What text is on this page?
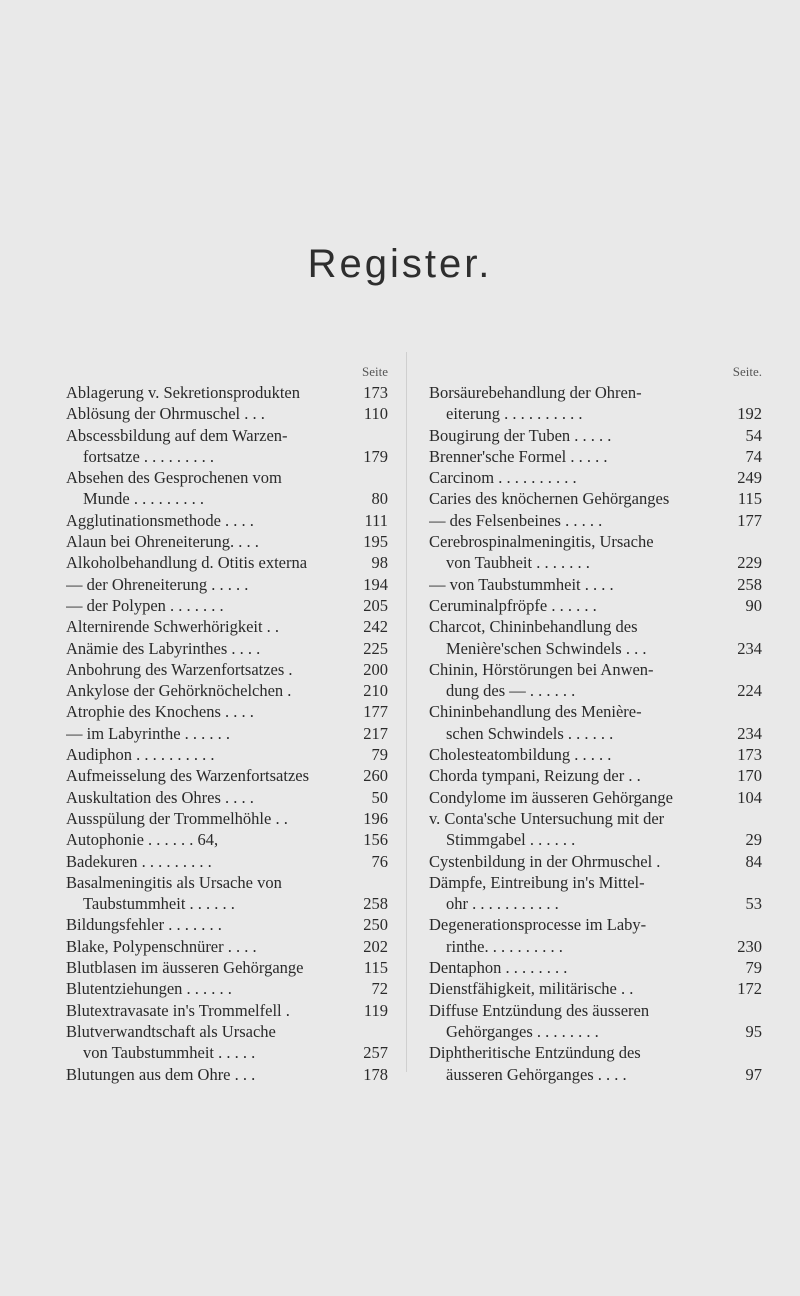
Register.
Seite
173
Ablagerung v. Sekretionsprodukten
110
Ablösung der Ohrmuschel . . .
Abscessbildung auf dem Warzen-
179
fortsatze . . . . . . . . .
Absehen des Gesprochenen vom
80
Munde . . . . . . . . .
111
Agglutinationsmethode . . . .
195
Alaun bei Ohreneiterung. . . .
98
Alkoholbehandlung d. Otitis externa
194
— der Ohreneiterung . . . . .
205
— der Polypen . . . . . . .
242
Alternirende Schwerhörigkeit . .
225
Anämie des Labyrinthes . . . .
200
Anbohrung des Warzenfortsatzes .
210
Ankylose der Gehörknöchelchen .
177
Atrophie des Knochens . . . .
217
— im Labyrinthe . . . . . .
79
Audiphon . . . . . . . . . .
260
Aufmeisselung des Warzenfortsatzes
50
Auskultation des Ohres . . . .
196
Ausspülung der Trommelhöhle . .
156
Autophonie . . . . . . 64,
76
Badekuren . . . . . . . . .
Basalmeningitis als Ursache von
258
Taubstummheit . . . . . .
250
Bildungsfehler . . . . . . .
202
Blake, Polypenschnürer . . . .
115
Blutblasen im äusseren Gehörgange
72
Blutentziehungen . . . . . .
119
Blutextravasate in's Trommelfell .
Blutverwandtschaft als Ursache
257
von Taubstummheit . . . . .
178
Blutungen aus dem Ohre . . .
Seite.
Borsäurebehandlung der Ohren-
192
eiterung . . . . . . . . . .
54
Bougirung der Tuben . . . . .
74
Brenner'sche Formel . . . . .
249
Carcinom . . . . . . . . . .
115
Caries des knöchernen Gehörganges
177
— des Felsenbeines . . . . .
Cerebrospinalmeningitis, Ursache
229
von Taubheit . . . . . . .
258
— von Taubstummheit . . . .
90
Ceruminalpfröpfe . . . . . .
Charcot, Chininbehandlung des
234
Menière'schen Schwindels . . .
Chinin, Hörstörungen bei Anwen-
224
dung des — . . . . . .
Chininbehandlung des Menière-
234
schen Schwindels . . . . . .
173
Cholesteatombildung . . . . .
170
Chorda tympani, Reizung der . .
104
Condylome im äusseren Gehörgange
v. Conta'sche Untersuchung mit der
29
Stimmgabel . . . . . .
84
Cystenbildung in der Ohrmuschel .
Dämpfe, Eintreibung in's Mittel-
53
ohr . . . . . . . . . . .
Degenerationsprocesse im Laby-
230
rinthe. . . . . . . . . .
79
Dentaphon . . . . . . . .
172
Dienstfähigkeit, militärische . .
Diffuse Entzündung des äusseren
95
Gehörganges . . . . . . . .
Diphtheritische Entzündung des
97
äusseren Gehörganges . . . .
